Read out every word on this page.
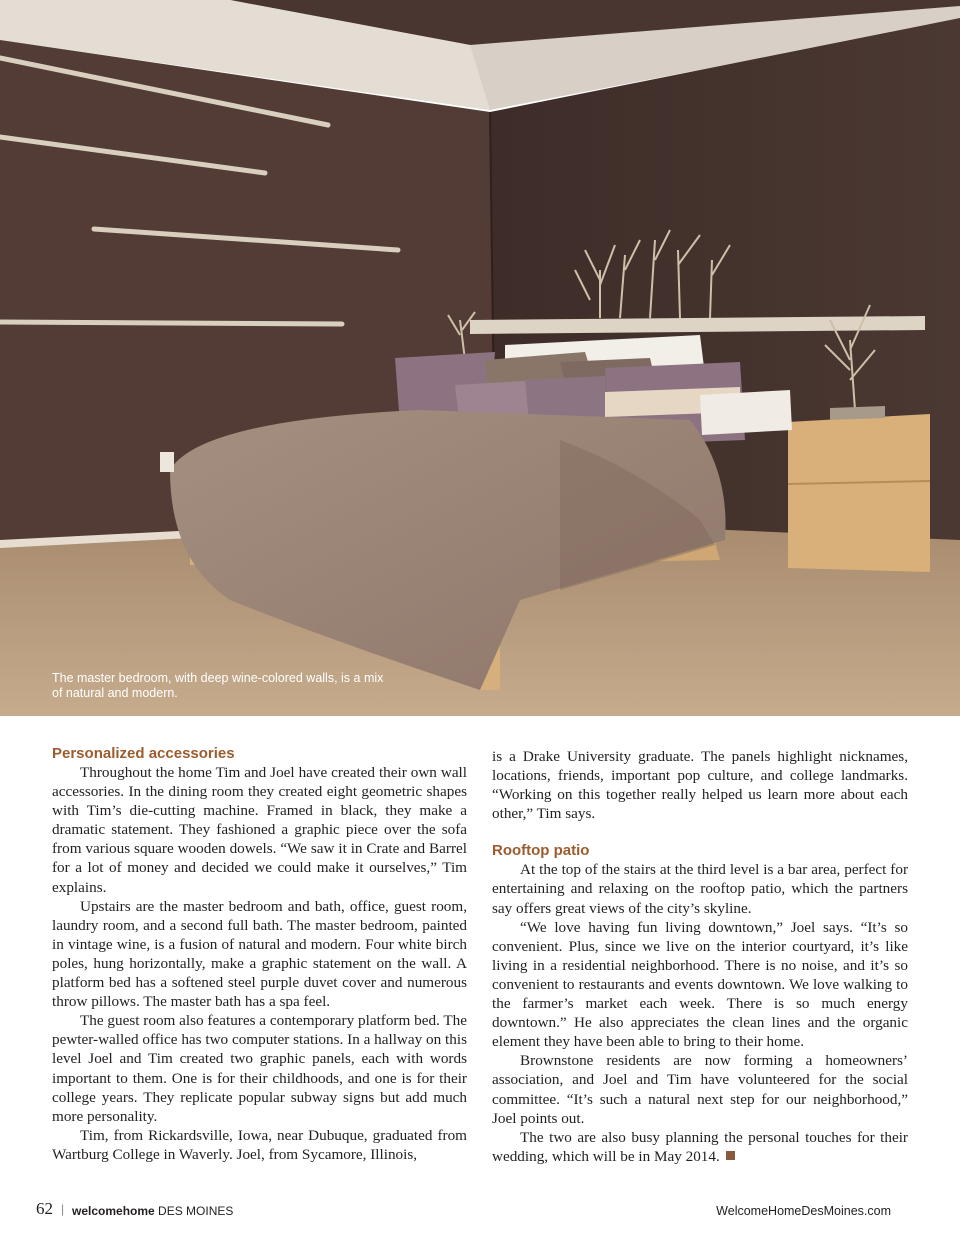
The master bedroom, with deep wine-colored walls, is a mix of natural and modern.
Personalized accessories

Throughout the home Tim and Joel have created their own wall accessories. In the dining room they created eight geometric shapes with Tim’s die-cutting machine. Framed in black, they make a dramatic statement. They fashioned a graphic piece over the sofa from various square wooden dowels. “We saw it in Crate and Barrel for a lot of money and decided we could make it ourselves,” Tim explains.

Upstairs are the master bedroom and bath, office, guest room, laundry room, and a second full bath. The master bedroom, painted in vintage wine, is a fusion of natural and modern. Four white birch poles, hung horizontally, make a graphic statement on the wall. A platform bed has a softened steel purple duvet cover and numerous throw pillows. The master bath has a spa feel.

The guest room also features a contemporary platform bed. The pewter-walled office has two computer stations. In a hallway on this level Joel and Tim created two graphic panels, each with words important to them. One is for their childhoods, and one is for their college years. They replicate popular subway signs but add much more personality.

Tim, from Rickardsville, Iowa, near Dubuque, graduated from Wartburg College in Waverly. Joel, from Sycamore, Illinois,

is a Drake University graduate. The panels highlight nicknames, locations, friends, important pop culture, and college landmarks. “Working on this together really helped us learn more about each other,” Tim says.

Rooftop patio

At the top of the stairs at the third level is a bar area, perfect for entertaining and relaxing on the rooftop patio, which the partners say offers great views of the city’s skyline.

“We love having fun living downtown,” Joel says. “It’s so convenient. Plus, since we live on the interior courtyard, it’s like living in a residential neighborhood. There is no noise, and it’s so convenient to restaurants and events downtown. We love walking to the farmer’s market each week. There is so much energy downtown.” He also appreciates the clean lines and the organic element they have been able to bring to their home.

Brownstone residents are now forming a homeowners’ association, and Joel and Tim have volunteered for the social committee. “It’s such a natural next step for our neighborhood,” Joel points out.

The two are also busy planning the personal touches for their wedding, which will be in May 2014.

62 | welcomehome DES MOINES	WelcomeHomeDesMoines.com
